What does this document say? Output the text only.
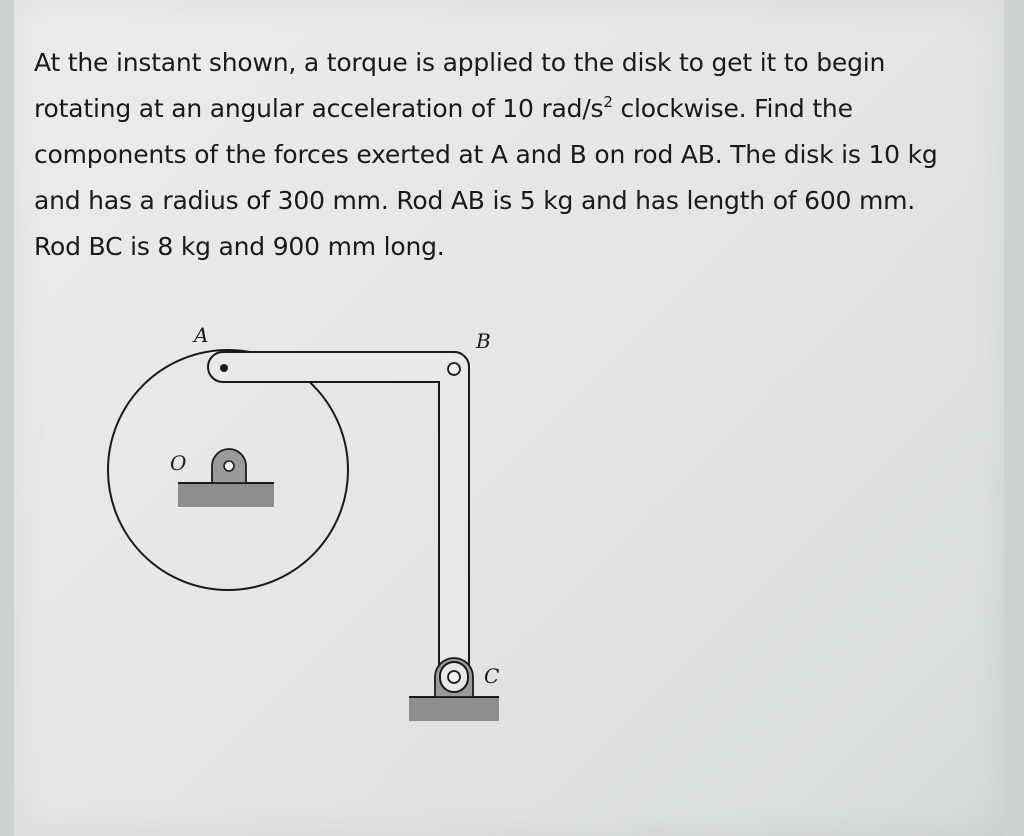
At the instant shown, a torque is applied to the disk to get it to begin
rotating at an angular acceleration of 10 rad/$s^2$ clockwise. Find the
components of the forces exerted at A and B on rod AB. The disk is 10 kg
and has a radius of 300 mm. Rod AB is 5 kg and has length of 600 mm.
Rod BC is 8 kg and 900 mm long.
A	B
C
O
